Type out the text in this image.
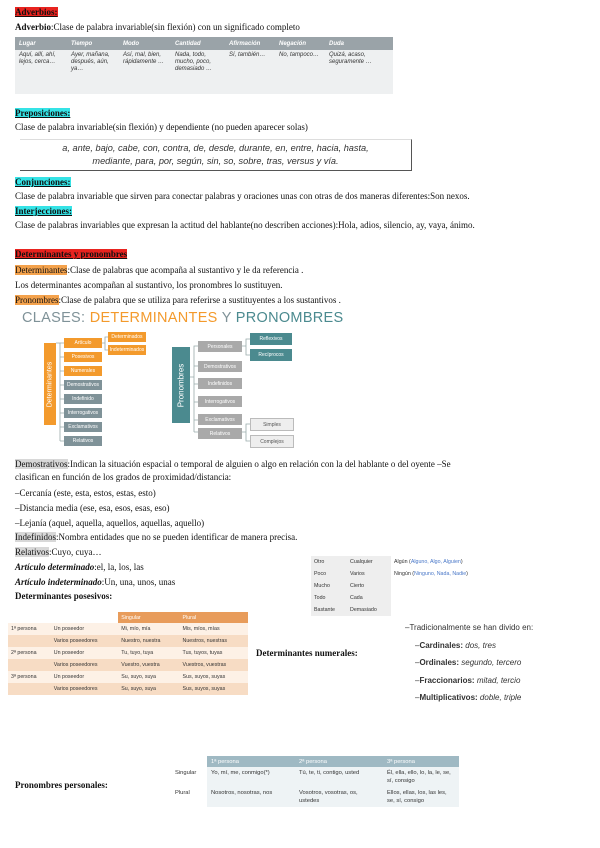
Adverbios:
Adverbio:Clase de palabra invariable(sin flexión) con un significado completo
Lugar	Tiempo	Modo	Cantidad	Afirmación	Negación	Duda
Aquí, allí, ahí, lejos, cerca…	Ayer, mañana, después, aún, ya…	Así, mal, bien, rápidamente …	Nada, todo, mucho, poco, demasiado …	Sí, también…	No, tampoco…	Quizá, acaso, seguramente …
Preposiciones:
Clase de palabra invariable(sin flexión) y dependiente (no pueden aparecer solas)
a, ante, bajo, cabe, con, contra, de, desde, durante, en, entre, hacia, hasta,
mediante, para, por, según, sin, so, sobre, tras, versus y vía.
Conjunciones:
Clase de palabra invariable que sirven para conectar palabras y oraciones unas con otras de dos maneras diferentes:Son nexos.
Interjecciones:
Clase de palabras invariables que expresan la actitud del hablante(no describen acciones):Hola, adios, silencio, ay, vaya, ánimo.
Determinantes y pronombres
Determinantes:Clase de palabras que acompaña al sustantivo y le da referencia .
Los determinantes acompañan al sustantivo, los pronombres lo sustituyen.
Pronombres:Clase de palabra que se utiliza para referirse a sustituyentes a los sustantivos .
CLASES: DETERMINANTES Y PRONOMBRES
Determinantes
Artículo
Posesivos
Numerales
Demostrativos
Indefinido
Interrogativos
Exclamativos
Relativos
Determinados
Indeterminados
Pronombres
Personales
Demostrativos
Indefinidos
Interrogativos
Exclamativos
Relativos
Reflexivos
Recíprocos
Simples
Complejos
Demostrativos:Indican la situación espacial o temporal de alguien o algo en relación con la del hablante o del oyente –Se
clasifican en función de los grados de proximidad/distancia:
–Cercanía (este, esta, estos, estas, esto)
–Distancia media (ese, esa, esos, esas, eso)
–Lejanía (aquel, aquella, aquellos, aquellas, aquello)
Indefinidos:Nombra entidades que no se pueden identificar de manera precisa.
Relativos:Cuyo, cuya…
Artículo determinado:el, la, los, las
Artículo indeterminado:Un, una, unos, unas
Determinantes posesivos:
Otro	Cualquier	Algún (Alguno, Algo, Alguien)
Poco	Varios	Ningún (Ninguno, Nada, Nadie)
Mucho	Cierto	
Todo	Cada	
Bastante	Demasiado	
		Singular	Plural
1ª persona	Un poseedor	Mi, mío, mía	Mis, míos, mías
	Varios poseedores	Nuestro, nuestra	Nuestros, nuestras
2ª persona	Un poseedor	Tu, tuyo, tuya	Tus, tuyos, tuyas
	Varios poseedores	Vuestro, vuestra	Vuestros, vuestras
3ª persona	Un poseedor	Su, suyo, suya	Sus, suyos, suyas
	Varios poseedores	Su, suyo, suya	Sus, suyos, suyas
Determinantes numerales:
–Tradicionalmente se han divido en:
–Cardinales: dos, tres
–Ordinales: segundo, tercero
–Fraccionarios: mitad, tercio
–Multiplicativos: doble, triple
Pronombres personales:
	1ª persona	2ª persona	3ª persona
Singular	Yo, mí, me, conmigo(*)	Tú, te, ti, contigo, usted	Él, ella, ello, lo, la, le, se, sí, consigo
Plural	Nosotros, nosotras, nos	Vosotros, vosotras, os, ustedes	Ellos, ellas, los, las les, se, sí, consigo
